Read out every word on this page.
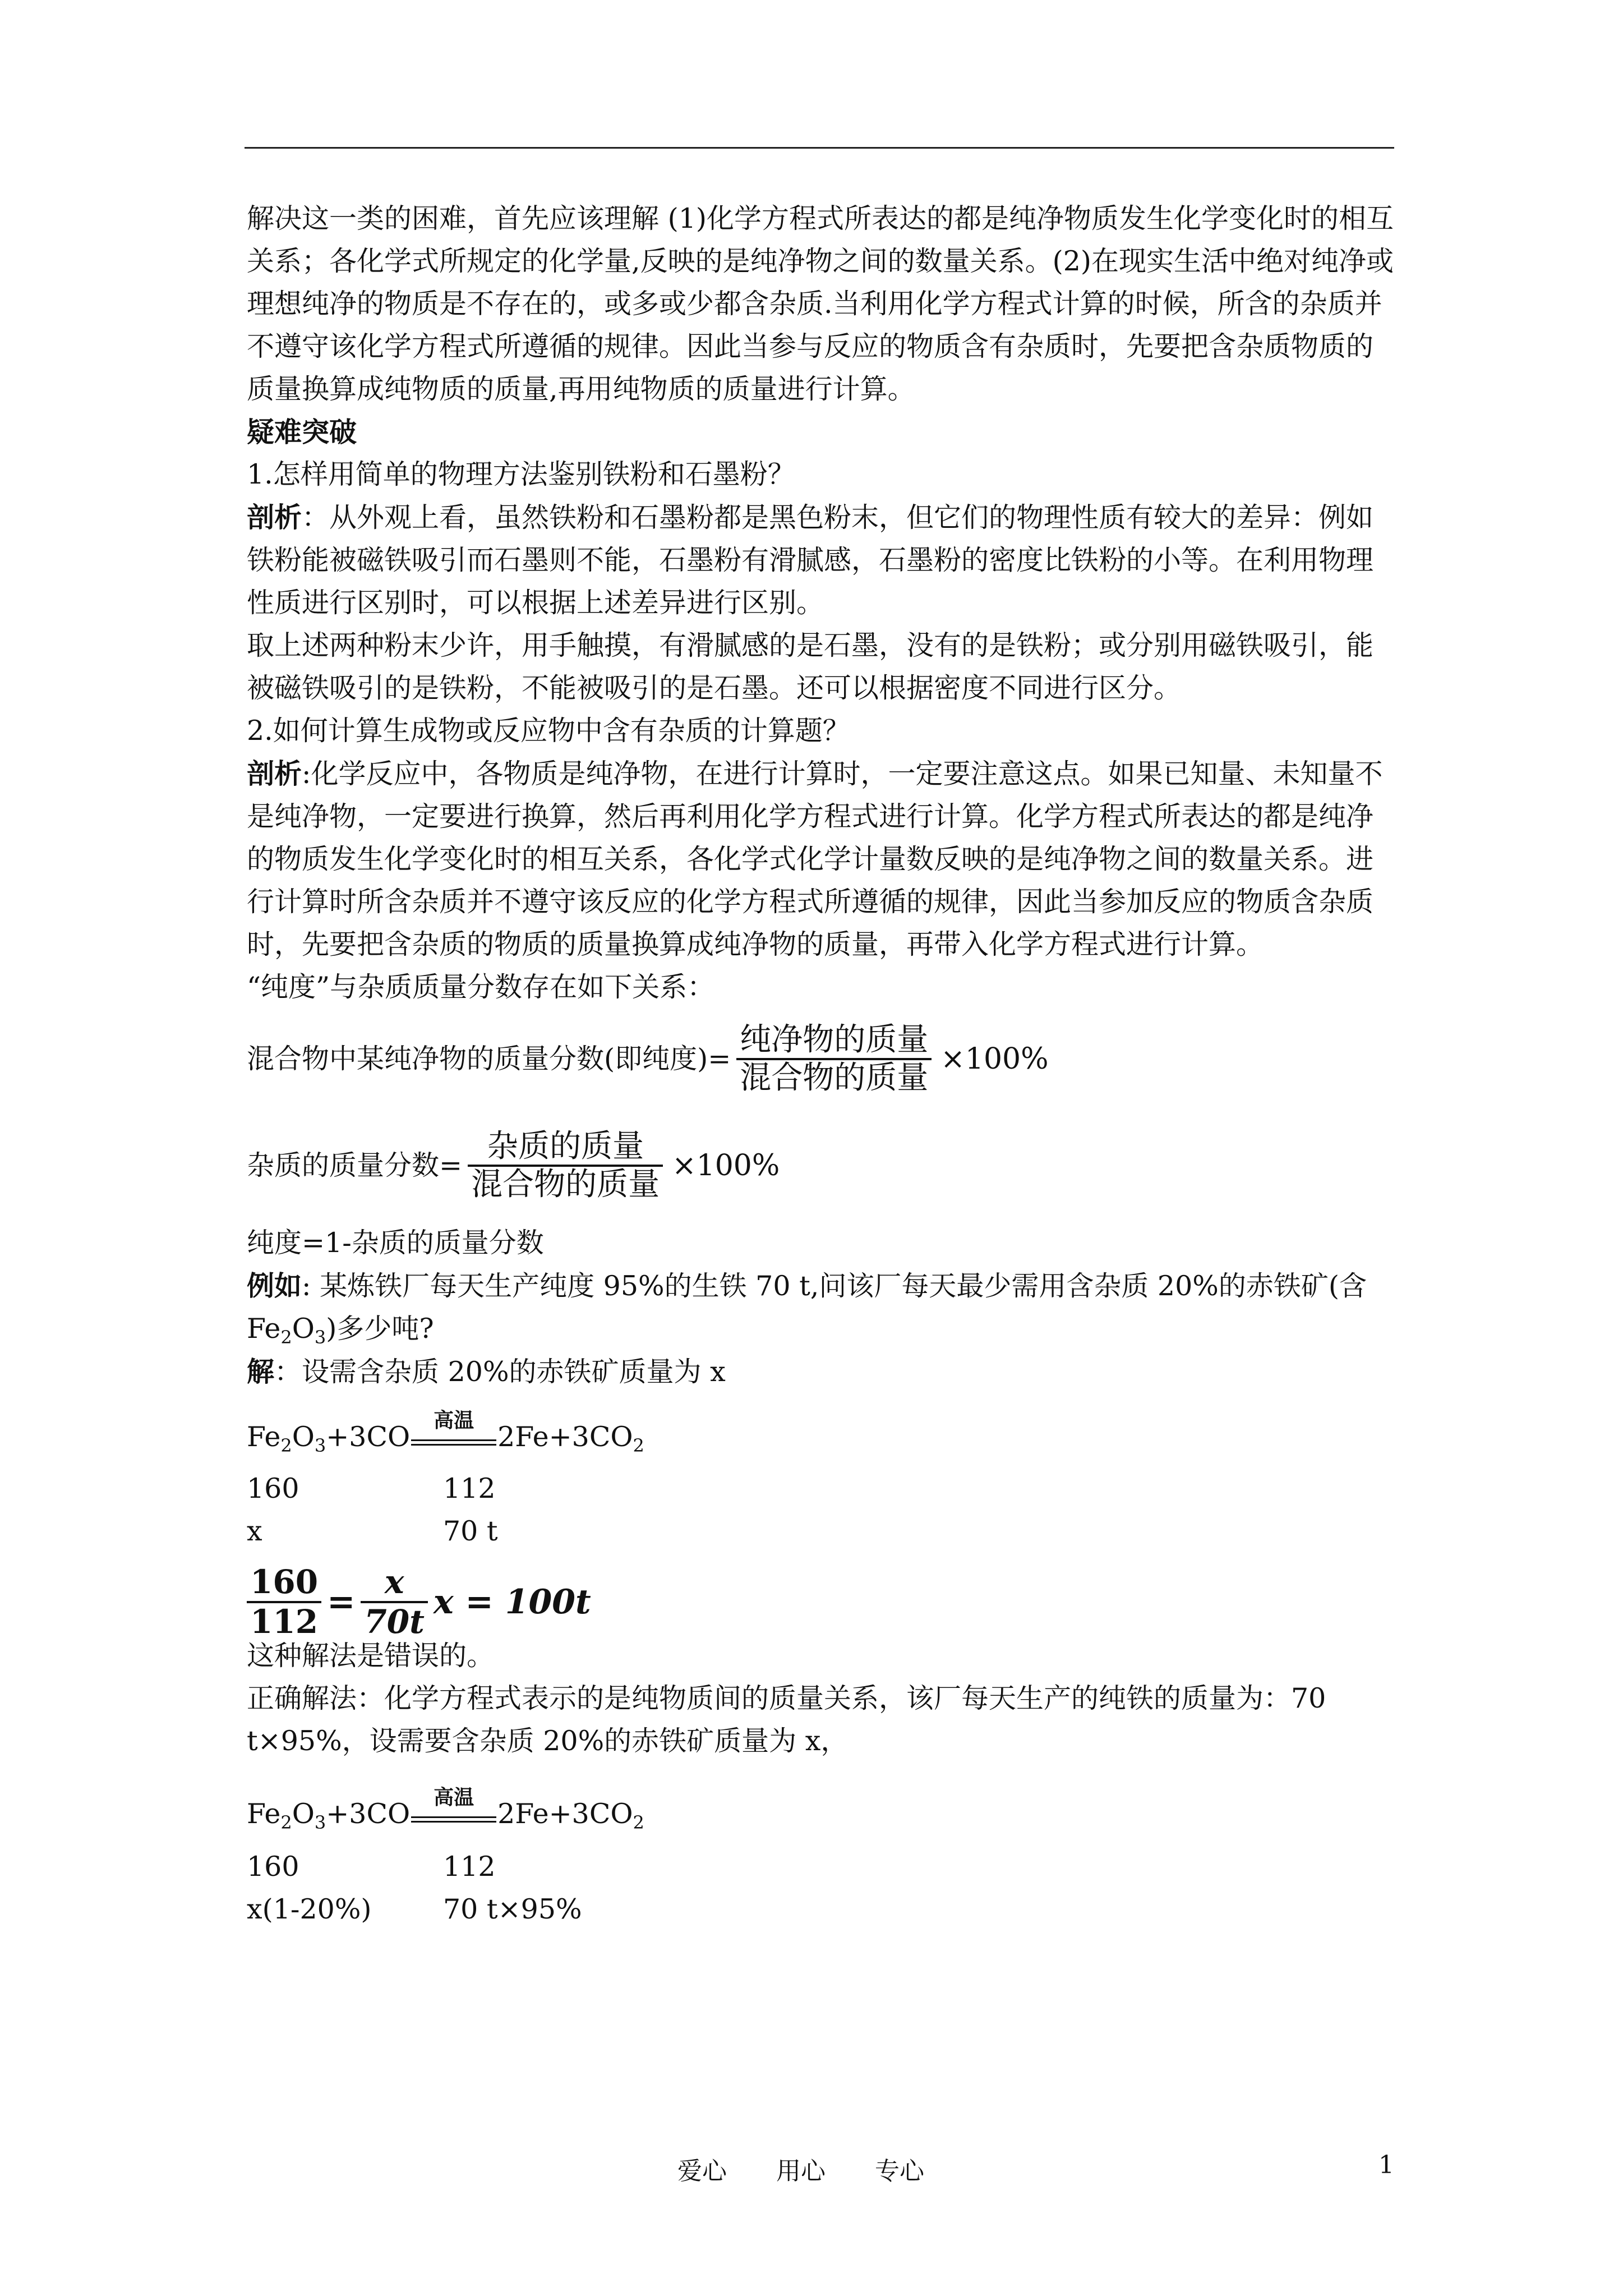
解决这一类的困难，首先应该理解 (1)化学方程式所表达的都是纯净物质发生化学变化时的相互关系；各化学式所规定的化学量,反映的是纯净物之间的数量关系。(2)在现实生活中绝对纯净或理想纯净的物质是不存在的，或多或少都含杂质.当利用化学方程式计算的时候，所含的杂质并不遵守该化学方程式所遵循的规律。因此当参与反应的物质含有杂质时，先要把含杂质物质的质量换算成纯物质的质量,再用纯物质的质量进行计算。

疑难突破

1.怎样用简单的物理方法鉴别铁粉和石墨粉？

剖析：从外观上看，虽然铁粉和石墨粉都是黑色粉末，但它们的物理性质有较大的差异：例如铁粉能被磁铁吸引而石墨则不能，石墨粉有滑腻感，石墨粉的密度比铁粉的小等。在利用物理性质进行区别时，可以根据上述差异进行区别。

取上述两种粉末少许，用手触摸，有滑腻感的是石墨，没有的是铁粉；或分别用磁铁吸引，能被磁铁吸引的是铁粉，不能被吸引的是石墨。还可以根据密度不同进行区分。

2.如何计算生成物或反应物中含有杂质的计算题？

剖析:化学反应中，各物质是纯净物，在进行计算时，一定要注意这点。如果已知量、未知量不是纯净物，一定要进行换算，然后再利用化学方程式进行计算。化学方程式所表达的都是纯净的物质发生化学变化时的相互关系，各化学式化学计量数反映的是纯净物之间的数量关系。进行计算时所含杂质并不遵守该反应的化学方程式所遵循的规律，因此当参加反应的物质含杂质时，先要把含杂质的物质的质量换算成纯净物的质量，再带入化学方程式进行计算。

“纯度”与杂质质量分数存在如下关系：

混合物中某纯净物的质量分数(即纯度)= $\frac{\text{纯净物的质量}}{\text{混合物的质量}} \times 100\%$
杂质的质量分数= $\frac{\text{杂质的质量}}{\text{混合物的质量}} \times 100\%$

纯度=1-杂质的质量分数

例如: 某炼铁厂每天生产纯度 95%的生铁 70 t,问该厂每天最少需用含杂质 20%的赤铁矿(含

$Fe_2O_3$)多少吨?

解：设需含杂质 20%的赤铁矿质量为 x

$Fe_2O_3+3CO$
高温
$2Fe+3CO_2$
160	112
x	70 t
$\frac{160}{112} = \frac{x}{70t}$ x = 100t

这种解法是错误的。

正确解法：化学方程式表示的是纯物质间的质量关系，该厂每天生产的纯铁的质量为：70 t×95%，设需要含杂质 20%的赤铁矿质量为 x，

$Fe_2O_3+3CO$
高温
$2Fe+3CO_2$
160	112
x(1-20%)	70 t×95%
爱心　　用心　　专心	1
